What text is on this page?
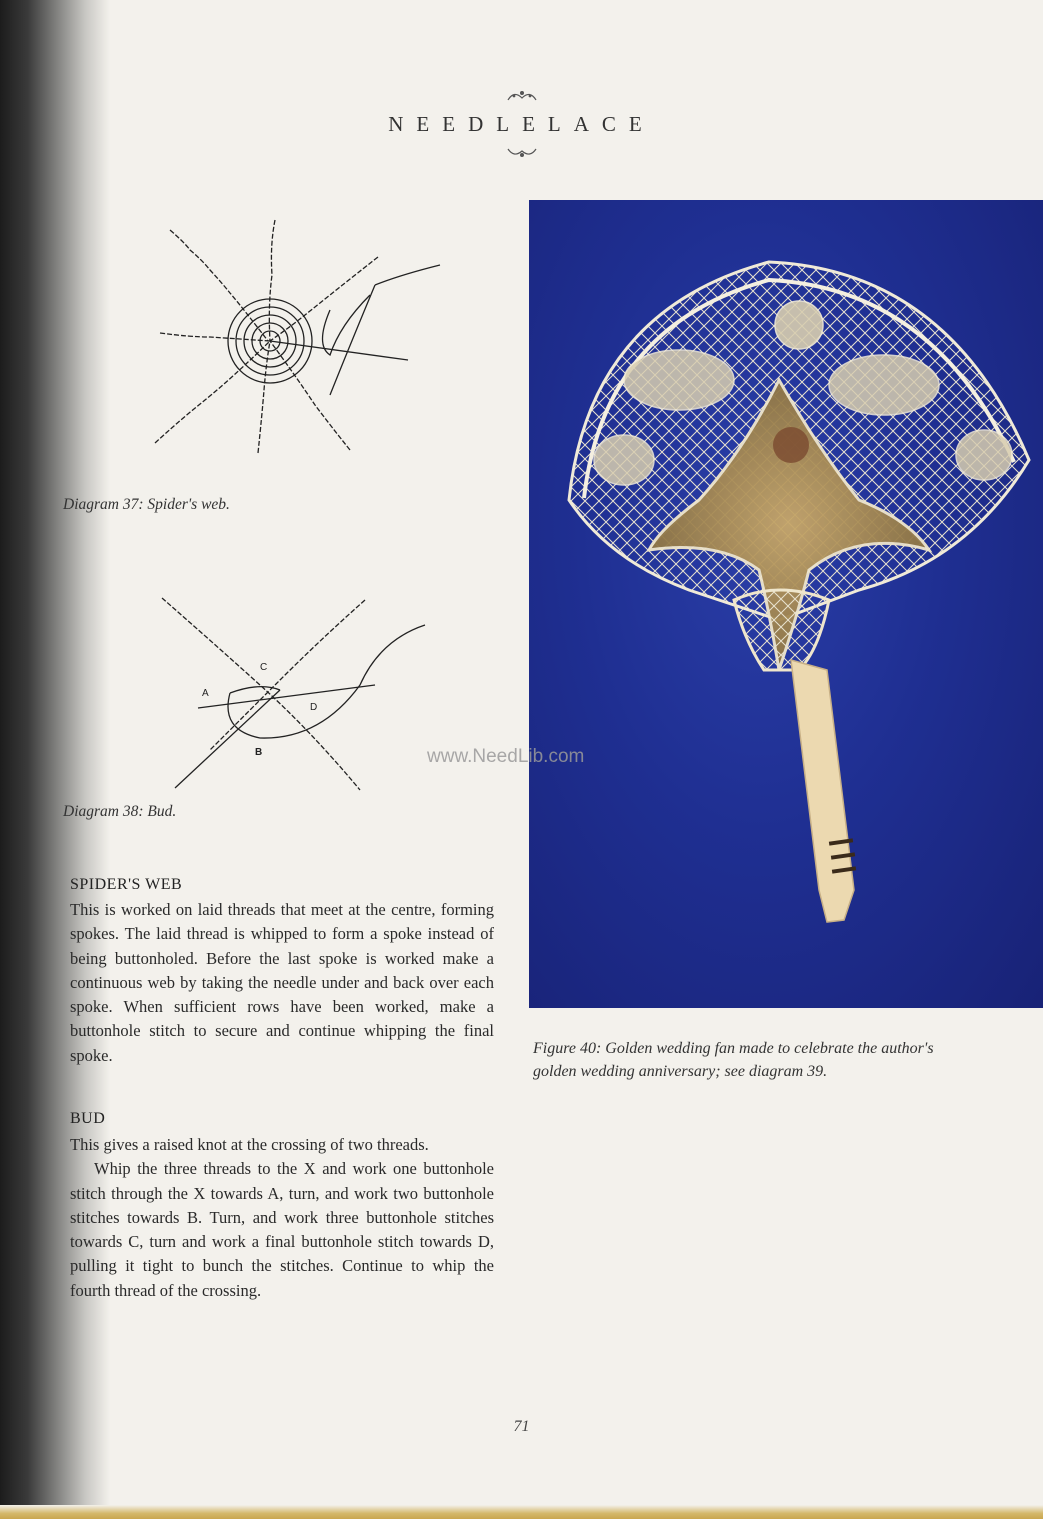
NEEDLELACE
Diagram 37: Spider's web.
A
B
C
D
Diagram 38: Bud.
SPIDER'S WEB

This is worked on laid threads that meet at the centre, forming spokes. The laid thread is whipped to form a spoke instead of being buttonholed. Before the last spoke is worked make a continuous web by taking the needle under and back over each spoke. When sufficient rows have been worked, make a buttonhole stitch to secure and continue whipping the final spoke.

BUD

This gives a raised knot at the crossing of two threads.

Whip the three threads to the X and work one buttonhole stitch through the X towards A, turn, and work two buttonhole stitches towards B. Turn, and work three buttonhole stitches towards C, turn and work a final buttonhole stitch towards D, pulling it tight to bunch the stitches. Continue to whip the fourth thread of the crossing.

Figure 40: Golden wedding fan made to celebrate the author's golden wedding anniversary; see diagram 39.
www.NeedLib.com
71
